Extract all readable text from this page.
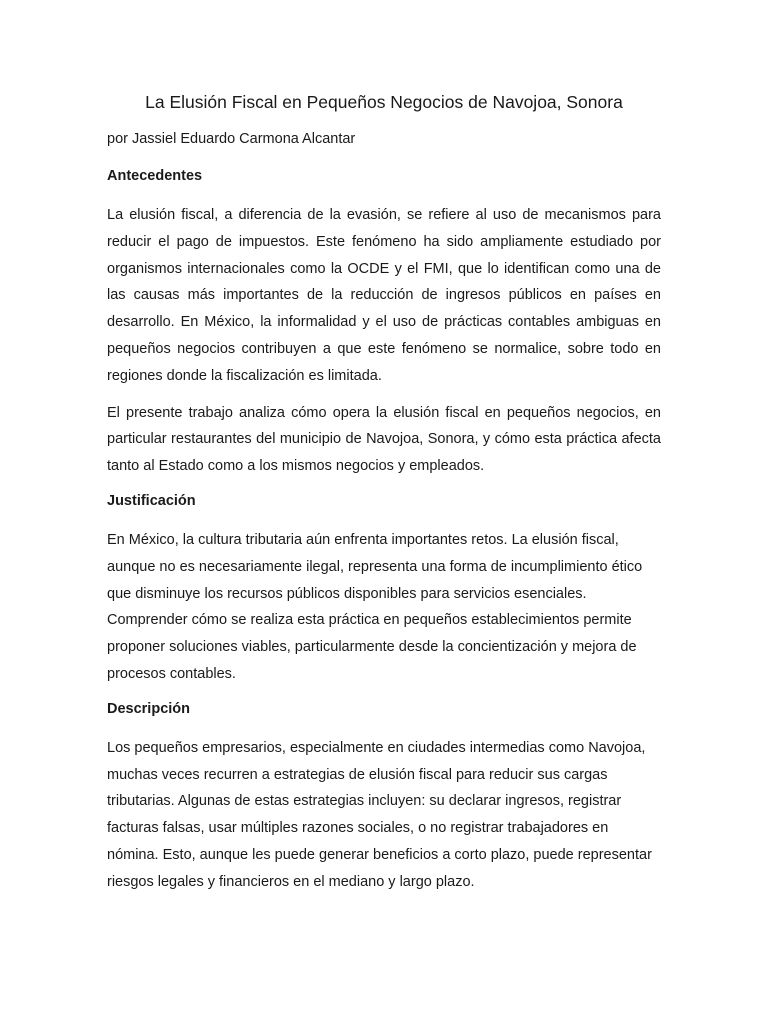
La Elusión Fiscal en Pequeños Negocios de Navojoa, Sonora

por Jassiel Eduardo Carmona Alcantar

Antecedentes

La elusión fiscal, a diferencia de la evasión, se refiere al uso de mecanismos para reducir el pago de impuestos. Este fenómeno ha sido ampliamente estudiado por organismos internacionales como la OCDE y el FMI, que lo identifican como una de las causas más importantes de la reducción de ingresos públicos en países en desarrollo. En México, la informalidad y el uso de prácticas contables ambiguas en pequeños negocios contribuyen a que este fenómeno se normalice, sobre todo en regiones donde la fiscalización es limitada.

El presente trabajo analiza cómo opera la elusión fiscal en pequeños negocios, en particular restaurantes del municipio de Navojoa, Sonora, y cómo esta práctica afecta tanto al Estado como a los mismos negocios y empleados.

Justificación

En México, la cultura tributaria aún enfrenta importantes retos. La elusión fiscal, aunque no es necesariamente ilegal, representa una forma de incumplimiento ético que disminuye los recursos públicos disponibles para servicios esenciales. Comprender cómo se realiza esta práctica en pequeños establecimientos permite proponer soluciones viables, particularmente desde la concientización y mejora de procesos contables.

Descripción

Los pequeños empresarios, especialmente en ciudades intermedias como Navojoa, muchas veces recurren a estrategias de elusión fiscal para reducir sus cargas tributarias. Algunas de estas estrategias incluyen: su declarar ingresos, registrar facturas falsas, usar múltiples razones sociales, o no registrar trabajadores en nómina. Esto, aunque les puede generar beneficios a corto plazo, puede representar riesgos legales y financieros en el mediano y largo plazo.
